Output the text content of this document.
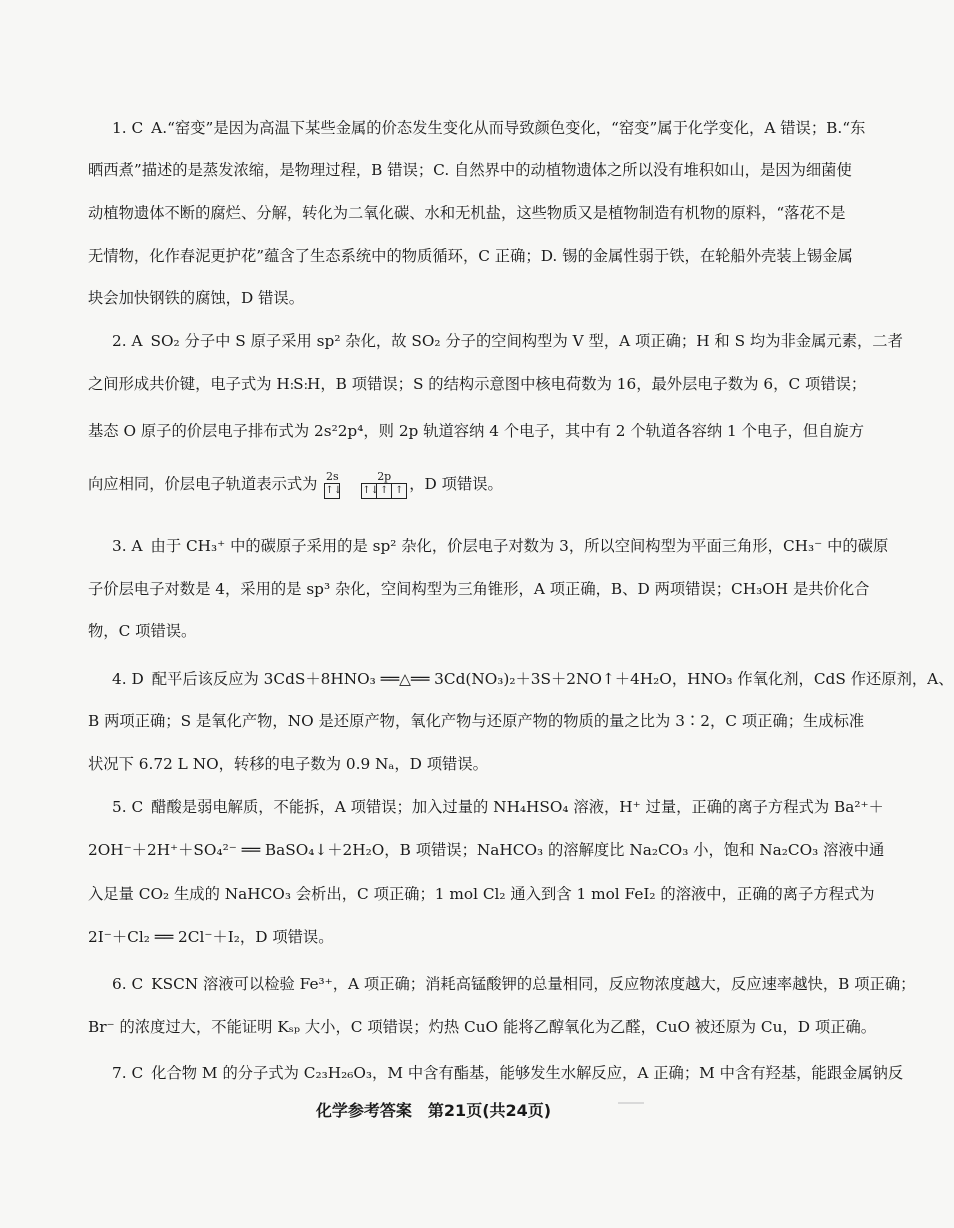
1. C A.“窑变”是因为高温下某些金属的价态发生变化从而导致颜色变化，“窑变”属于化学变化，A 错误；B.“东
晒西煮”描述的是蒸发浓缩，是物理过程，B 错误；C. 自然界中的动植物遗体之所以没有堆积如山，是因为细菌使
动植物遗体不断的腐烂、分解，转化为二氧化碳、水和无机盐，这些物质又是植物制造有机物的原料，“落花不是
无情物，化作春泥更护花”蕴含了生态系统中的物质循环，C 正确；D. 锡的金属性弱于铁，在轮船外壳装上锡金属
块会加快钢铁的腐蚀，D 错误。
2. A SO₂ 分子中 S 原子采用 sp² 杂化，故 SO₂ 分子的空间构型为 V 型，A 项正确；H 和 S 均为非金属元素，二者
之间形成共价键，电子式为 H:S:H，B 项错误；S 的结构示意图中核电荷数为 16，最外层电子数为 6，C 项错误；
基态 O 原子的价层电子排布式为 2s²2p⁴，则 2p 轨道容纳 4 个电子，其中有 2 个轨道各容纳 1 个电子，但自旋方
向应相同，价层电子轨道表示式为 2s
↑↓

2p
↑↓ ↑ ↑ ，D 项错误。
3. A 由于 CH₃⁺ 中的碳原子采用的是 sp² 杂化，价层电子对数为 3，所以空间构型为平面三角形，CH₃⁻ 中的碳原
子价层电子对数是 4，采用的是 sp³ 杂化，空间构型为三角锥形，A 项正确，B、D 两项错误；CH₃OH 是共价化合
物，C 项错误。
4. D 配平后该反应为 3CdS＋8HNO₃ ══△══ 3Cd(NO₃)₂＋3S＋2NO↑＋4H₂O，HNO₃ 作氧化剂，CdS 作还原剂，A、
B 两项正确；S 是氧化产物，NO 是还原产物，氧化产物与还原产物的物质的量之比为 3∶2，C 项正确；生成标准
状况下 6.72 L NO，转移的电子数为 0.9 Nₐ，D 项错误。
5. C 醋酸是弱电解质，不能拆，A 项错误；加入过量的 NH₄HSO₄ 溶液，H⁺ 过量，正确的离子方程式为 Ba²⁺＋
2OH⁻＋2H⁺＋SO₄²⁻ ══ BaSO₄↓＋2H₂O，B 项错误；NaHCO₃ 的溶解度比 Na₂CO₃ 小，饱和 Na₂CO₃ 溶液中通
入足量 CO₂ 生成的 NaHCO₃ 会析出，C 项正确；1 mol Cl₂ 通入到含 1 mol FeI₂ 的溶液中，正确的离子方程式为
2I⁻＋Cl₂ ══ 2Cl⁻＋I₂，D 项错误。
6. C KSCN 溶液可以检验 Fe³⁺，A 项正确；消耗高锰酸钾的总量相同，反应物浓度越大，反应速率越快，B 项正确；
Br⁻ 的浓度过大，不能证明 Kₛₚ 大小，C 项错误；灼热 CuO 能将乙醇氧化为乙醛，CuO 被还原为 Cu，D 项正确。
7. C 化合物 M 的分子式为 C₂₃H₂₆O₃，M 中含有酯基，能够发生水解反应，A 正确；M 中含有羟基，能跟金属钠反
化学参考答案 第21页(共24页)
